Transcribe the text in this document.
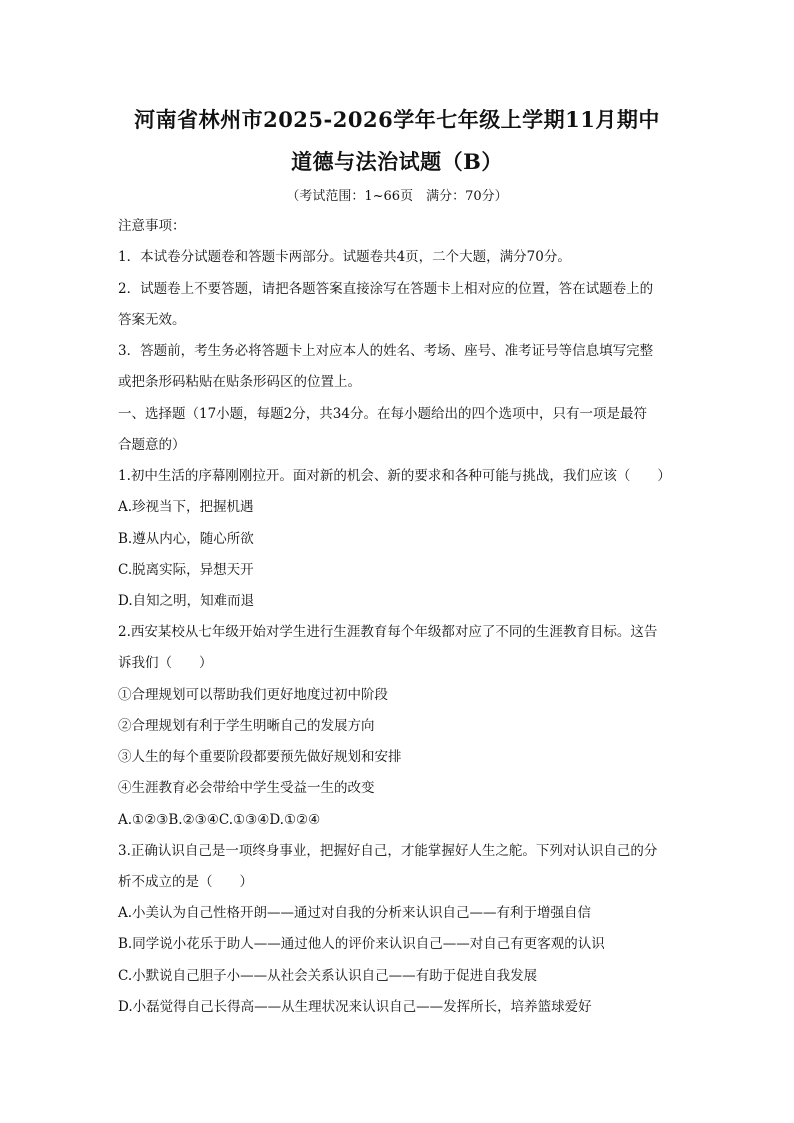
河南省林州市2025-2026学年七年级上学期11月期中
道德与法治试题（B）
（考试范围：1~66页　满分：70分）
注意事项：
1．本试卷分试题卷和答题卡两部分。试题卷共4页，二个大题，满分70分。
2．试题卷上不要答题，请把各题答案直接涂写在答题卡上相对应的位置，答在试题卷上的
答案无效。
3．答题前，考生务必将答题卡上对应本人的姓名、考场、座号、准考证号等信息填写完整
或把条形码粘贴在贴条形码区的位置上。
一、选择题（17小题，每题2分，共34分。在每小题给出的四个选项中，只有一项是最符
合题意的）
1.初中生活的序幕刚刚拉开。面对新的机会、新的要求和各种可能与挑战，我们应该（　　）
A.珍视当下，把握机遇
B.遵从内心，随心所欲
C.脱离实际，异想天开
D.自知之明，知难而退
2.西安某校从七年级开始对学生进行生涯教育每个年级都对应了不同的生涯教育目标。这告
诉我们（　　）
①合理规划可以帮助我们更好地度过初中阶段
②合理规划有利于学生明晰自己的发展方向
③人生的每个重要阶段都要预先做好规划和安排
④生涯教育必会带给中学生受益一生的改变
A.①②③B.②③④C.①③④D.①②④
3.正确认识自己是一项终身事业，把握好自己，才能掌握好人生之舵。下列对认识自己的分
析不成立的是（　　）
A.小美认为自己性格开朗——通过对自我的分析来认识自己——有利于增强自信
B.同学说小花乐于助人——通过他人的评价来认识自己——对自己有更客观的认识
C.小默说自己胆子小——从社会关系认识自己——有助于促进自我发展
D.小磊觉得自己长得高——从生理状况来认识自己——发挥所长，培养篮球爱好
